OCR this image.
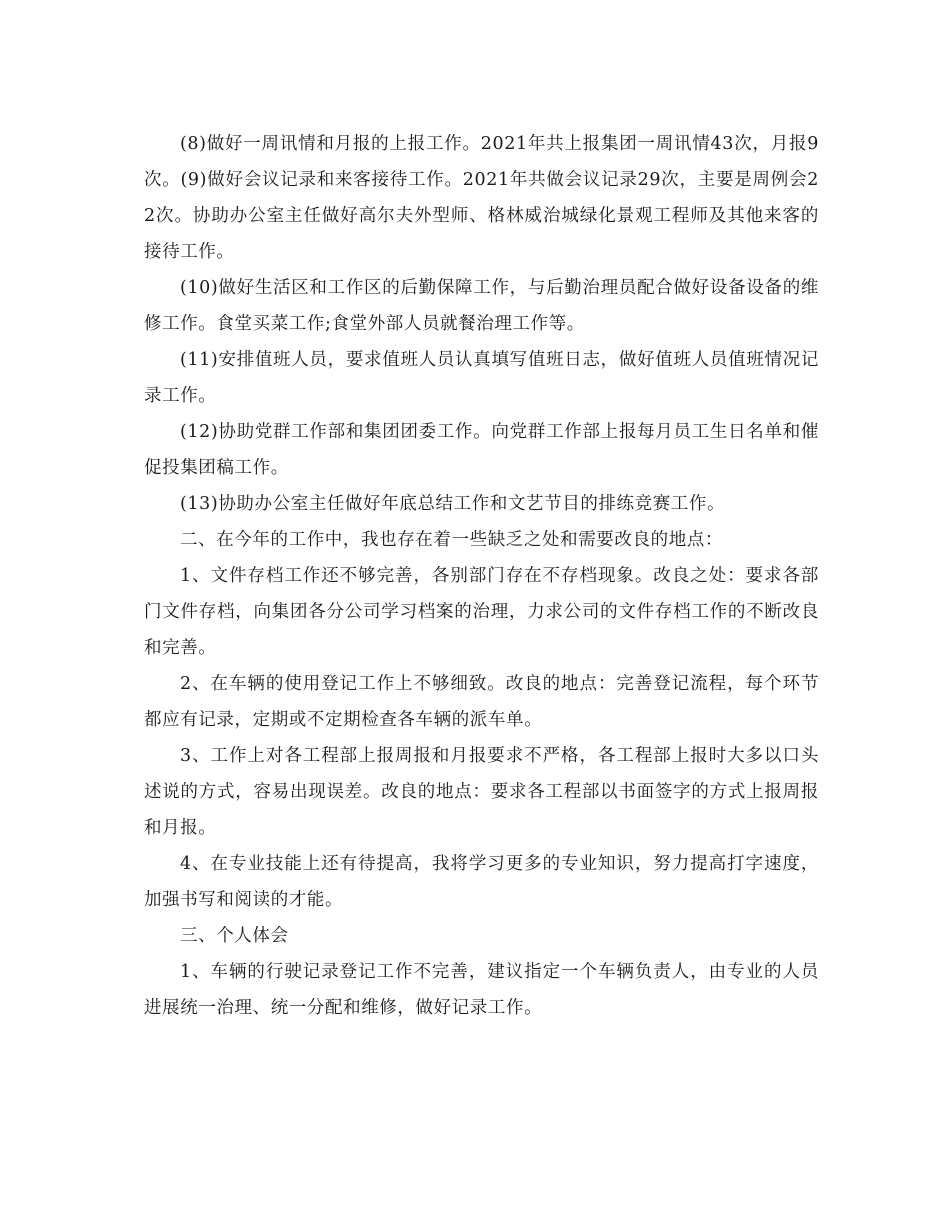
(8)做好一周讯情和月报的上报工作。2021年共上报集团一周讯情43次，月报9次。(9)做好会议记录和来客接待工作。2021年共做会议记录29次，主要是周例会22次。协助办公室主任做好高尔夫外型师、格林威治城绿化景观工程师及其他来客的接待工作。

(10)做好生活区和工作区的后勤保障工作，与后勤治理员配合做好设备设备的维修工作。食堂买菜工作;食堂外部人员就餐治理工作等。

(11)安排值班人员，要求值班人员认真填写值班日志，做好值班人员值班情况记录工作。

(12)协助党群工作部和集团团委工作。向党群工作部上报每月员工生日名单和催促投集团稿工作。

(13)协助办公室主任做好年底总结工作和文艺节目的排练竞赛工作。

二、在今年的工作中，我也存在着一些缺乏之处和需要改良的地点：

1、文件存档工作还不够完善，各别部门存在不存档现象。改良之处：要求各部门文件存档，向集团各分公司学习档案的治理，力求公司的文件存档工作的不断改良和完善。

2、在车辆的使用登记工作上不够细致。改良的地点：完善登记流程，每个环节都应有记录，定期或不定期检查各车辆的派车单。

3、工作上对各工程部上报周报和月报要求不严格，各工程部上报时大多以口头述说的方式，容易出现误差。改良的地点：要求各工程部以书面签字的方式上报周报和月报。

4、在专业技能上还有待提高，我将学习更多的专业知识，努力提高打字速度，加强书写和阅读的才能。

三、个人体会

1、车辆的行驶记录登记工作不完善，建议指定一个车辆负责人，由专业的人员进展统一治理、统一分配和维修，做好记录工作。
